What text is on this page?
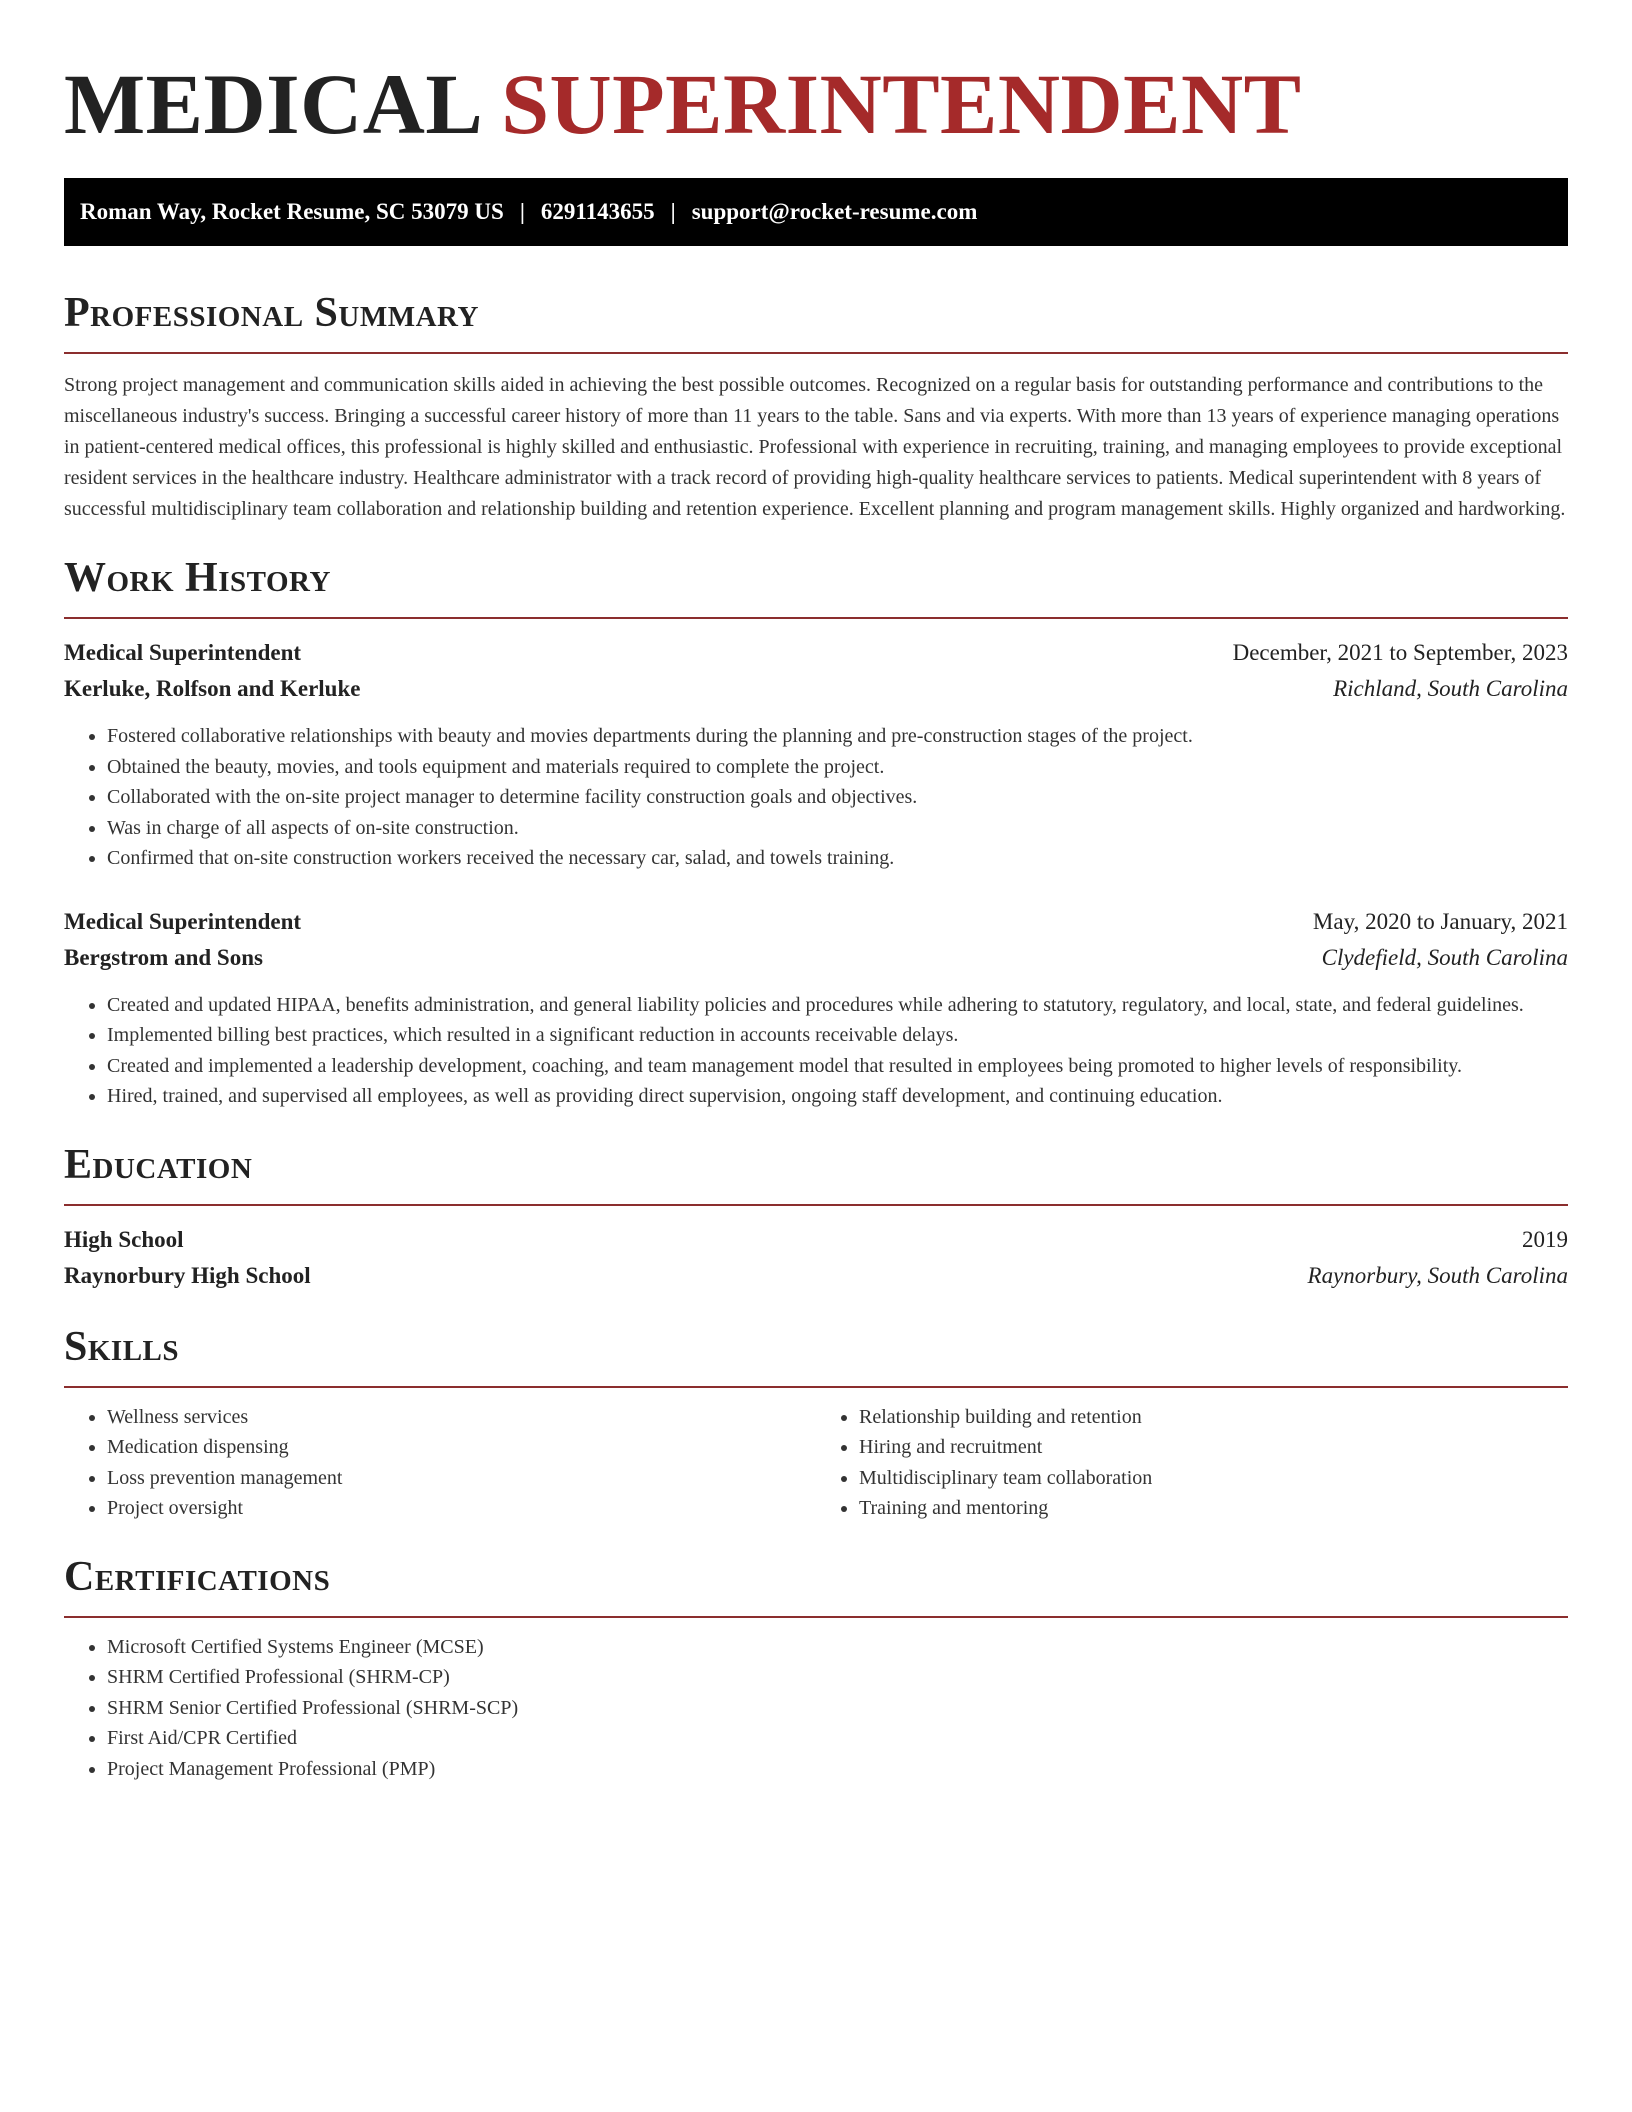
MEDICAL SUPERINTENDENT
Roman Way, Rocket Resume, SC 53079 US | 6291143655 | support@rocket-resume.com
Professional Summary

Strong project management and communication skills aided in achieving the best possible outcomes. Recognized on a regular basis for outstanding performance and contributions to the miscellaneous industry's success. Bringing a successful career history of more than 11 years to the table. Sans and via experts. With more than 13 years of experience managing operations in patient-centered medical offices, this professional is highly skilled and enthusiastic. Professional with experience in recruiting, training, and managing employees to provide exceptional resident services in the healthcare industry. Healthcare administrator with a track record of providing high-quality healthcare services to patients. Medical superintendent with 8 years of successful multidisciplinary team collaboration and relationship building and retention experience. Excellent planning and program management skills. Highly organized and hardworking.

Work History
Medical Superintendent	December, 2021 to September, 2023
Kerluke, Rolfson and Kerluke	Richland, South Carolina
• Fostered collaborative relationships with beauty and movies departments during the planning and pre-construction stages of the project.
• Obtained the beauty, movies, and tools equipment and materials required to complete the project.
• Collaborated with the on-site project manager to determine facility construction goals and objectives.
• Was in charge of all aspects of on-site construction.
• Confirmed that on-site construction workers received the necessary car, salad, and towels training.
Medical Superintendent	May, 2020 to January, 2021
Bergstrom and Sons	Clydefield, South Carolina
• Created and updated HIPAA, benefits administration, and general liability policies and procedures while adhering to statutory, regulatory, and local, state, and federal guidelines.
• Implemented billing best practices, which resulted in a significant reduction in accounts receivable delays.
• Created and implemented a leadership development, coaching, and team management model that resulted in employees being promoted to higher levels of responsibility.
• Hired, trained, and supervised all employees, as well as providing direct supervision, ongoing staff development, and continuing education.
Education
High School	2019
Raynorbury High School	Raynorbury, South Carolina
Skills
• Wellness services
• Medication dispensing
• Loss prevention management
• Project oversight
• Relationship building and retention
• Hiring and recruitment
• Multidisciplinary team collaboration
• Training and mentoring
Certifications
• Microsoft Certified Systems Engineer (MCSE)
• SHRM Certified Professional (SHRM-CP)
• SHRM Senior Certified Professional (SHRM-SCP)
• First Aid/CPR Certified
• Project Management Professional (PMP)
